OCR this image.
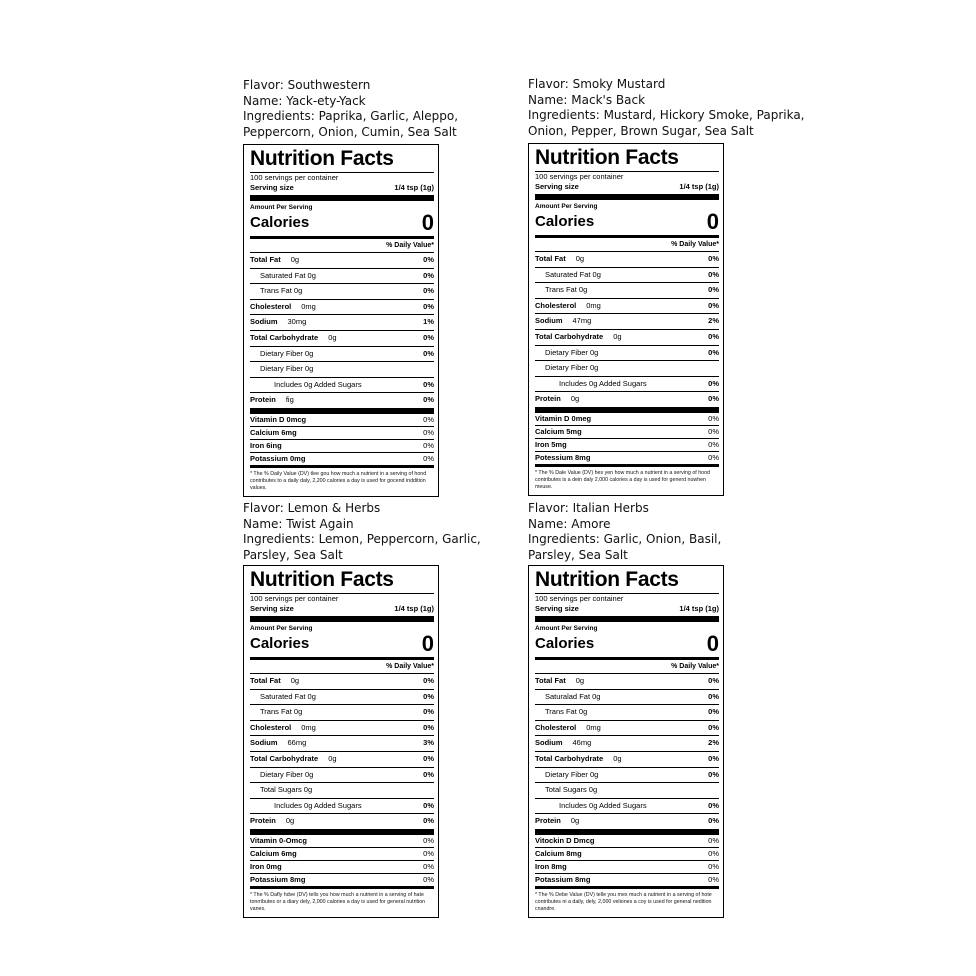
Flavor: Southwestern
Name: Yack-ety-Yack
Ingredients: Paprika, Garlic, Aleppo,
Peppercorn, Onion, Cumin, Sea Salt
Nutrition Facts
100 servings per container
Serving size	1/4 tsp (1g)
Amount Per Serving
Calories	0
% Daily Value*
Total Fat 0g	0%
Saturated Fat 0g	0%
Trans Fat 0g	0%
Cholesterol 0mg	0%
Sodium 30mg	1%
Total Carbohydrate 0g	0%
Dietary Fiber 0g	0%
Dietary Fiber 0g
Includes 0g Added Sugars	0%
Protein fig	0%
Vitamin D 0mcg	0%
Calcium 6mg	0%
Iron 6ing	0%
Potassium 0mg	0%
* The % Daily Value (DV) tlee gou how much a nutrient in a serving of hond contributes to a daily daly, 2,200 calories a day is used for gocend inddition values.
Flavor: Smoky Mustard
Name: Mack's Back
Ingredients: Mustard, Hickory Smoke, Paprika,
Onion, Pepper, Brown Sugar, Sea Salt
Nutrition Facts
100 servings per container
Serving size	1/4 tsp (1g)
Amount Per Serving
Calories	0
% Daily Value*
Total Fat 0g	0%
Saturated Fat 0g	0%
Trans Fat 0g	0%
Cholesterol 0mg	0%
Sodium 47mg	2%
Total Carbohydrate 0g	0%
Dietary Fiber 0g	0%
Dietary Fiber 0g
Includes 0g Added Sugars	0%
Protein 0g	0%
Vitamin D 0meg	0%
Calcium 5mg	0%
Iron 5mg	0%
Potessium 8mg	0%
* The % Dale Value (DV) hes yen how much a nutrient in a serving of hood contributes is a dein daly 2,000 calories a day is used for generd nuwhen meuse.
Flavor: Lemon & Herbs
Name: Twist Again
Ingredients: Lemon, Peppercorn, Garlic,
Parsley, Sea Salt
Nutrition Facts
100 servings per container
Serving size	1/4 tsp (1g)
Amount Per Serving
Calories	0
% Daily Value*
Total Fat 0g	0%
Saturated Fat 0g	0%
Trans Fat 0g	0%
Cholesterol 0mg	0%
Sodium 66mg	3%
Total Carbohydrate 0g	0%
Dietary Fiber 0g	0%
Total Sugars 0g
Includes 0g Added Sugars	0%
Protein 0g	0%
Vitamin 0-Omcg	0%
Calcium 6mg	0%
Iron 0mg	0%
Potassium 8mg	0%
* The % Dafly hdve (DV) tells you how much a nutrient in a serving of hate tonrributes or a diary dely, 2,000 calories a day is used for general nutrition vanes.
Flavor: Italian Herbs
Name: Amore
Ingredients: Garlic, Onion, Basil,
Parsley, Sea Salt
Nutrition Facts
100 servings per container
Serving size	1/4 tsp (1g)
Amount Per Serving
Calories	0
% Daily Value*
Total Fat 0g	0%
Saturalad Fat 0g	0%
Trans Fat 0g	0%
Cholesterol 0mg	0%
Sodium 46mg	2%
Total Carbohydrate 0g	0%
Dietary Fiber 0g	0%
Total Sugars 0g
Includes 0g Added Sugars	0%
Protein 0g	0%
Vitockin D Dmcg	0%
Calcium 8mg	0%
Iron 8mg	0%
Potassium 8mg	0%
* The % Debe Value (DV) telle you mex much a nutrient in a serving of hote contributes ni a daily, dely, 2,000 veliones a coy is used for general nedition cnandre.
